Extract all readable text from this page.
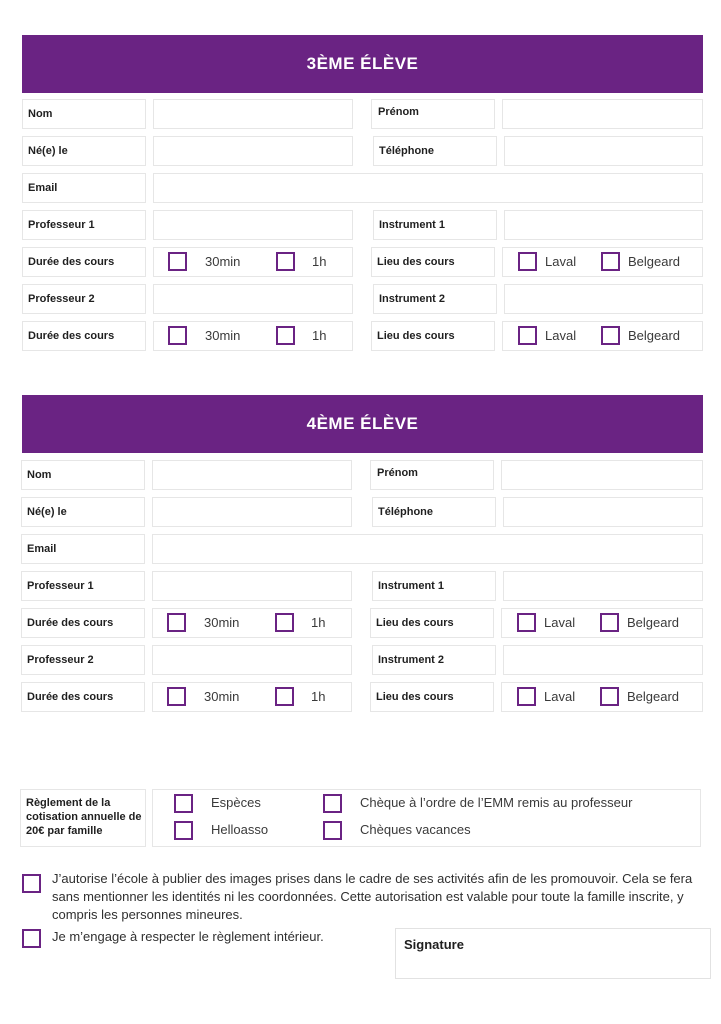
3ÈME ÉLÈVE
Nom	Prénom
Né(e) le	Téléphone
Email
Professeur 1	Instrument 1
Durée des cours	30min	1h	Lieu des cours	Laval	Belgeard
Professeur 2	Instrument 2
Durée des cours	30min	1h	Lieu des cours	Laval	Belgeard
4ÈME ÉLÈVE
Nom	Prénom
Né(e) le	Téléphone
Email
Professeur 1	Instrument 1
Durée des cours	30min	1h	Lieu des cours	Laval	Belgeard
Professeur 2	Instrument 2
Durée des cours	30min	1h	Lieu des cours	Laval	Belgeard
Règlement de la cotisation annuelle de 20€ par famille
Espèces	Chèque à l’ordre de l’EMM remis au professeur
Helloasso	Chèques vacances
J’autorise l’école à publier des images prises dans le cadre de ses activités afin de les promouvoir. Cela se fera sans mentionner les identités ni les coordonnées. Cette autorisation est valable pour toute la famille inscrite, y compris les personnes mineures.
Je m’engage à respecter le règlement intérieur.
Signature
